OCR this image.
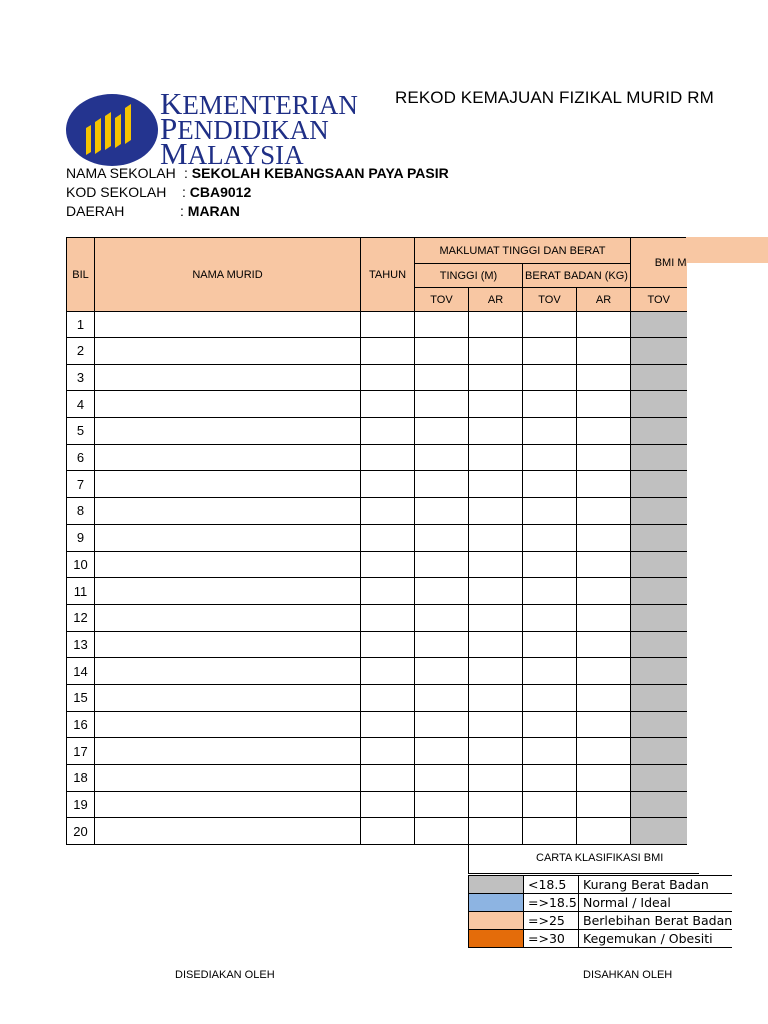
KEMENTERIAN
PENDIDIKAN
MALAYSIA
REKOD KEMAJUAN FIZIKAL MURID RM
NAMA SEKOLAH : SEKOLAH KEBANGSAAN PAYA PASIR
KOD SEKOLAH : CBA9012
DAERAH	: MARAN
BIL	NAMA MURID	TAHUN	MAKLUMAT TINGGI DAN BERAT				BMI M
			TINGGI (M)		BERAT BADAN (KG)		
			TOV	AR	TOV	AR	TOV
1							
2							
3							
4							
5							
6							
7							
8							
9							
10							
11							
12							
13							
14							
15							
16							
17							
18							
19							
20							
CARTA KLASIFIKASI BMI
	<18.5	Kurang Berat Badan
	=>18.5	Normal / Ideal
	=>25	Berlebihan Berat Badan
	=>30	Kegemukan / Obesiti
DISEDIAKAN OLEH	DISAHKAN OLEH
